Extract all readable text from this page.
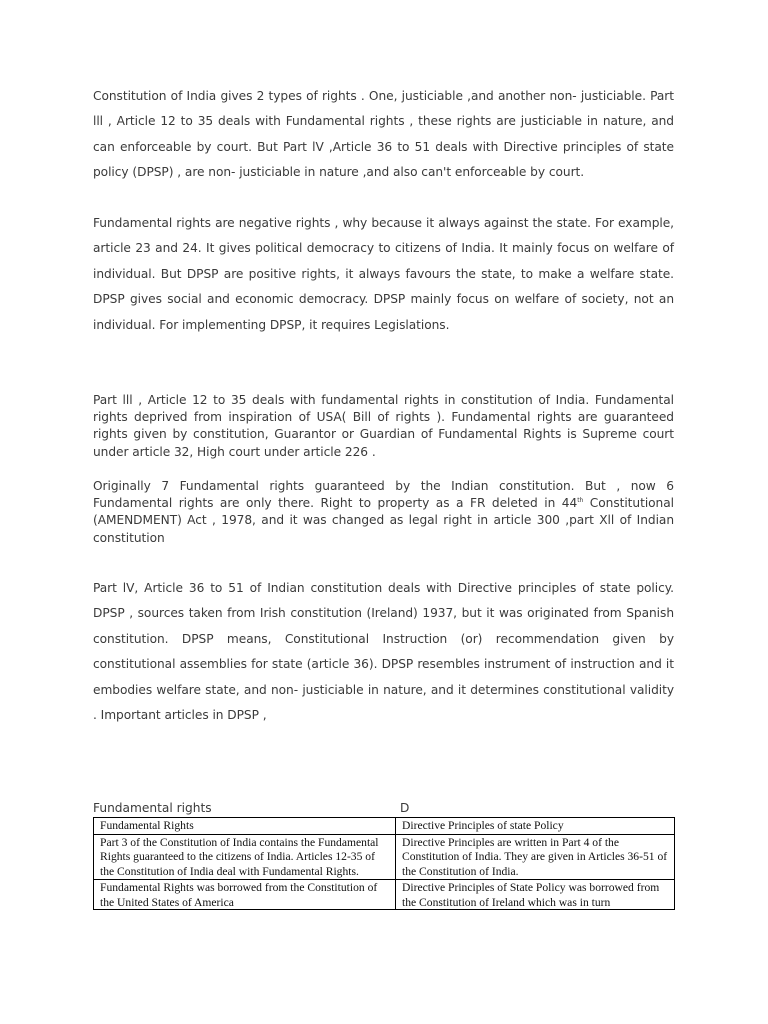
Constitution of India gives 2 types of rights . One, justiciable ,and another non- justiciable. Part lll , Article 12 to 35 deals with Fundamental rights , these rights are justiciable in nature, and can enforceable by court. But Part lV ,Article 36 to 51 deals with Directive principles of state policy (DPSP) , are non- justiciable in nature ,and also can't enforceable by court.

Fundamental rights are negative rights , why because it always against the state. For example, article 23 and 24. It gives political democracy to citizens of India. It mainly focus on welfare of individual. But DPSP are positive rights, it always favours the state, to make a welfare state. DPSP gives social and economic democracy. DPSP mainly focus on welfare of society, not an individual. For implementing DPSP, it requires Legislations.

Part lll , Article 12 to 35 deals with fundamental rights in constitution of India. Fundamental rights deprived from inspiration of USA( Bill of rights ). Fundamental rights are guaranteed rights given by constitution, Guarantor or Guardian of Fundamental Rights is Supreme court under article 32, High court under article 226 .

Originally 7 Fundamental rights guaranteed by the Indian constitution. But , now 6 Fundamental rights are only there. Right to property as a FR deleted in 44th Constitutional (AMENDMENT) Act , 1978, and it was changed as legal right in article 300 ,part Xll of Indian constitution

Part lV, Article 36 to 51 of Indian constitution deals with Directive principles of state policy. DPSP , sources taken from Irish constitution (Ireland) 1937, but it was originated from Spanish constitution. DPSP means, Constitutional Instruction (or) recommendation given by constitutional assemblies for state (article 36). DPSP resembles instrument of instruction and it embodies welfare state, and non- justiciable in nature, and it determines constitutional validity . Important articles in DPSP ,

Fundamental rights	D
Fundamental Rights	Directive Principles of state Policy
Part 3 of the Constitution of India contains the Fundamental Rights guaranteed to the citizens of India. Articles 12-35 of the Constitution of India deal with Fundamental Rights.	Directive Principles are written in Part 4 of the Constitution of India. They are given in Articles 36-51 of the Constitution of India.

Fundamental Rights was borrowed from the Constitution of the United States of America	Directive Principles of State Policy was borrowed from the Constitution of Ireland which was in turn
